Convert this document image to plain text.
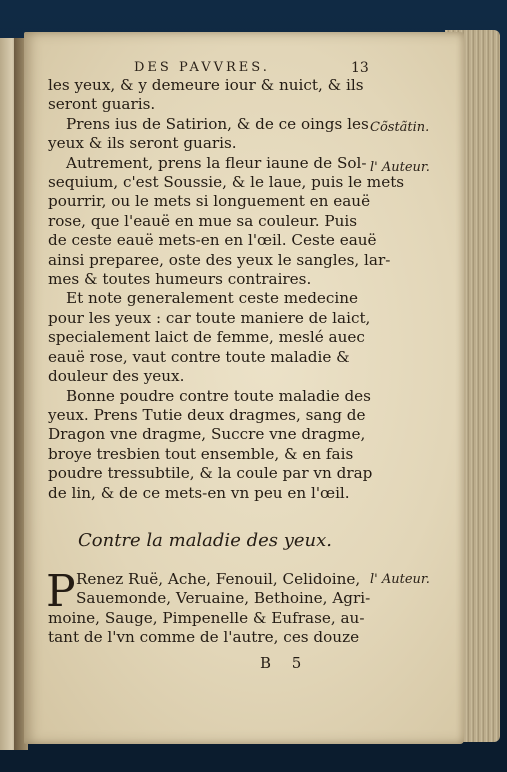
DES PAVVRES.	13
les yeux, & y demeure iour & nuict, & ils
seront guaris.
Prens ius de Satirion, & de ce oings les
yeux & ils seront guaris.
Autrement, prens la fleur iaune de Sol-
sequium, c'est Soussie, & le laue, puis le mets
pourrir, ou le mets si longuement en eauë
rose, que l'eauë en mue sa couleur. Puis
de ceste eauë mets-en en l'œil. Ceste eauë
ainsi preparee, oste des yeux le sangles, lar-
mes & toutes humeurs contraires.
Et note generalement ceste medecine
pour les yeux : car toute maniere de laict,
specialement laict de femme, meslé auec
eauë rose, vaut contre toute maladie &
douleur des yeux.
Bonne poudre contre toute maladie des
yeux. Prens Tutie deux dragmes, sang de
Dragon vne dragme, Succre vne dragme,
broye tresbien tout ensemble, & en fais
poudre tressubtile, & la coule par vn drap
de lin, & de ce mets-en vn peu en l'œil.
Cõstãtin.
l' Auteur.
Contre la maladie des yeux.
P Renez Ruë, Ache, Fenouil, Celidoine,
Sauemonde, Veruaine, Bethoine, Agri-
moine, Sauge, Pimpenelle & Eufrase, au-
tant de l'vn comme de l'autre, ces douze
l' Auteur.
B 5
